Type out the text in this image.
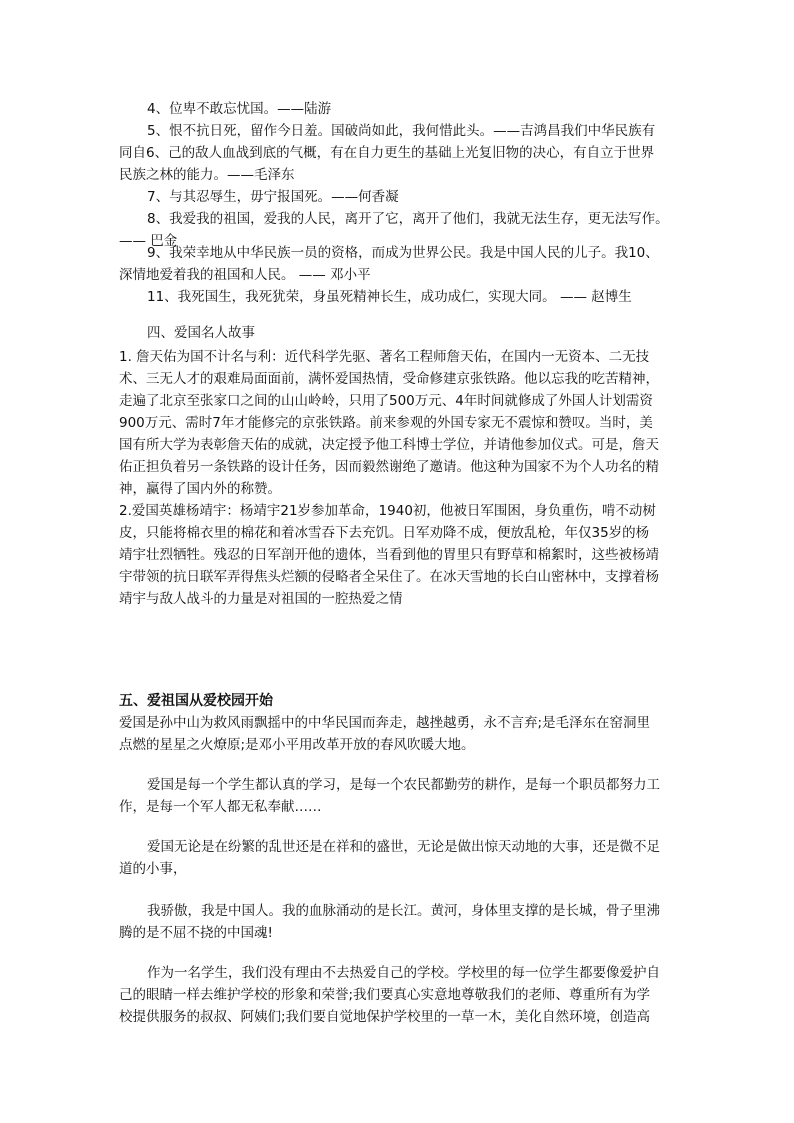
4、位卑不敢忘忧国。——陆游
5、恨不抗日死，留作今日羞。国破尚如此，我何惜此头。——吉鸿昌我们中华民族有
同自6、己的敌人血战到底的气概，有在自力更生的基础上光复旧物的决心，有自立于世界
民族之林的能力。——毛泽东
7、与其忍辱生，毋宁报国死。——何香凝
8、我爱我的祖国，爱我的人民，离开了它，离开了他们，我就无法生存，更无法写作。
—— 巴金
9、我荣幸地从中华民族一员的资格，而成为世界公民。我是中国人民的儿子。我10、
深情地爱着我的祖国和人民。 —— 邓小平
11、我死国生，我死犹荣，身虽死精神长生，成功成仁，实现大同。 —— 赵博生
四、爱国名人故事
1. 詹天佑为国不计名与利：近代科学先驱、著名工程师詹天佑，在国内一无资本、二无技
术、三无人才的艰难局面面前，满怀爱国热情，受命修建京张铁路。他以忘我的吃苦精神，
走遍了北京至张家口之间的山山岭岭，只用了500万元、4年时间就修成了外国人计划需资
900万元、需时7年才能修完的京张铁路。前来参观的外国专家无不震惊和赞叹。当时，美
国有所大学为表彰詹天佑的成就，决定授予他工科博士学位，并请他参加仪式。可是，詹天
佑正担负着另一条铁路的设计任务，因而毅然谢绝了邀请。他这种为国家不为个人功名的精
神，赢得了国内外的称赞。
2.爱国英雄杨靖宇：杨靖宇21岁参加革命，1940初，他被日军围困，身负重伤，啃不动树
皮，只能将棉衣里的棉花和着冰雪吞下去充饥。日军劝降不成，便放乱枪，年仅35岁的杨
靖宇壮烈牺牲。残忍的日军剖开他的遗体，当看到他的胃里只有野草和棉絮时，这些被杨靖
宇带领的抗日联军弄得焦头烂额的侵略者全呆住了。在冰天雪地的长白山密林中，支撑着杨
靖宇与敌人战斗的力量是对祖国的一腔热爱之情
五、爱祖国从爱校园开始
爱国是孙中山为救风雨飘摇中的中华民国而奔走，越挫越勇，永不言弃;是毛泽东在窑洞里
点燃的星星之火燎原;是邓小平用改革开放的春风吹暖大地。
爱国是每一个学生都认真的学习，是每一个农民都勤劳的耕作，是每一个职员都努力工
作，是每一个军人都无私奉献……
爱国无论是在纷繁的乱世还是在祥和的盛世，无论是做出惊天动地的大事，还是微不足
道的小事，
我骄傲，我是中国人。我的血脉涌动的是长江。黄河，身体里支撑的是长城，骨子里沸
腾的是不屈不挠的中国魂!
作为一名学生，我们没有理由不去热爱自己的学校。学校里的每一位学生都要像爱护自
己的眼睛一样去维护学校的形象和荣誉;我们要真心实意地尊敬我们的老师、尊重所有为学
校提供服务的叔叔、阿姨们;我们要自觉地保护学校里的一草一木，美化自然环境，创造高
